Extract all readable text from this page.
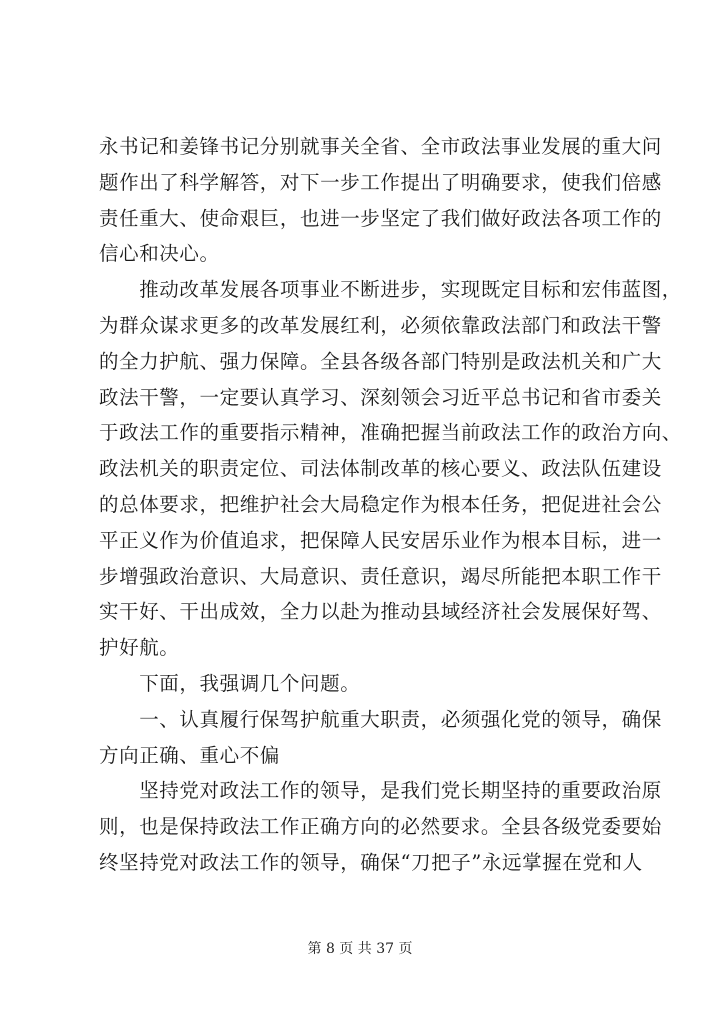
永书记和姜锋书记分别就事关全省、全市政法事业发展的重大问
题作出了科学解答，对下一步工作提出了明确要求，使我们倍感
责任重大、使命艰巨，也进一步坚定了我们做好政法各项工作的
信心和决心。
　　推动改革发展各项事业不断进步，实现既定目标和宏伟蓝图，
为群众谋求更多的改革发展红利，必须依靠政法部门和政法干警
的全力护航、强力保障。全县各级各部门特别是政法机关和广大
政法干警，一定要认真学习、深刻领会习近平总书记和省市委关
于政法工作的重要指示精神，准确把握当前政法工作的政治方向、
政法机关的职责定位、司法体制改革的核心要义、政法队伍建设
的总体要求，把维护社会大局稳定作为根本任务，把促进社会公
平正义作为价值追求，把保障人民安居乐业作为根本目标，进一
步增强政治意识、大局意识、责任意识，竭尽所能把本职工作干
实干好、干出成效，全力以赴为推动县域经济社会发展保好驾、
护好航。
　　下面，我强调几个问题。
　　一、认真履行保驾护航重大职责，必须强化党的领导，确保
方向正确、重心不偏
　　坚持党对政法工作的领导，是我们党长期坚持的重要政治原
则，也是保持政法工作正确方向的必然要求。全县各级党委要始
终坚持党对政法工作的领导，确保“刀把子”永远掌握在党和人
第 8 页 共 37 页
